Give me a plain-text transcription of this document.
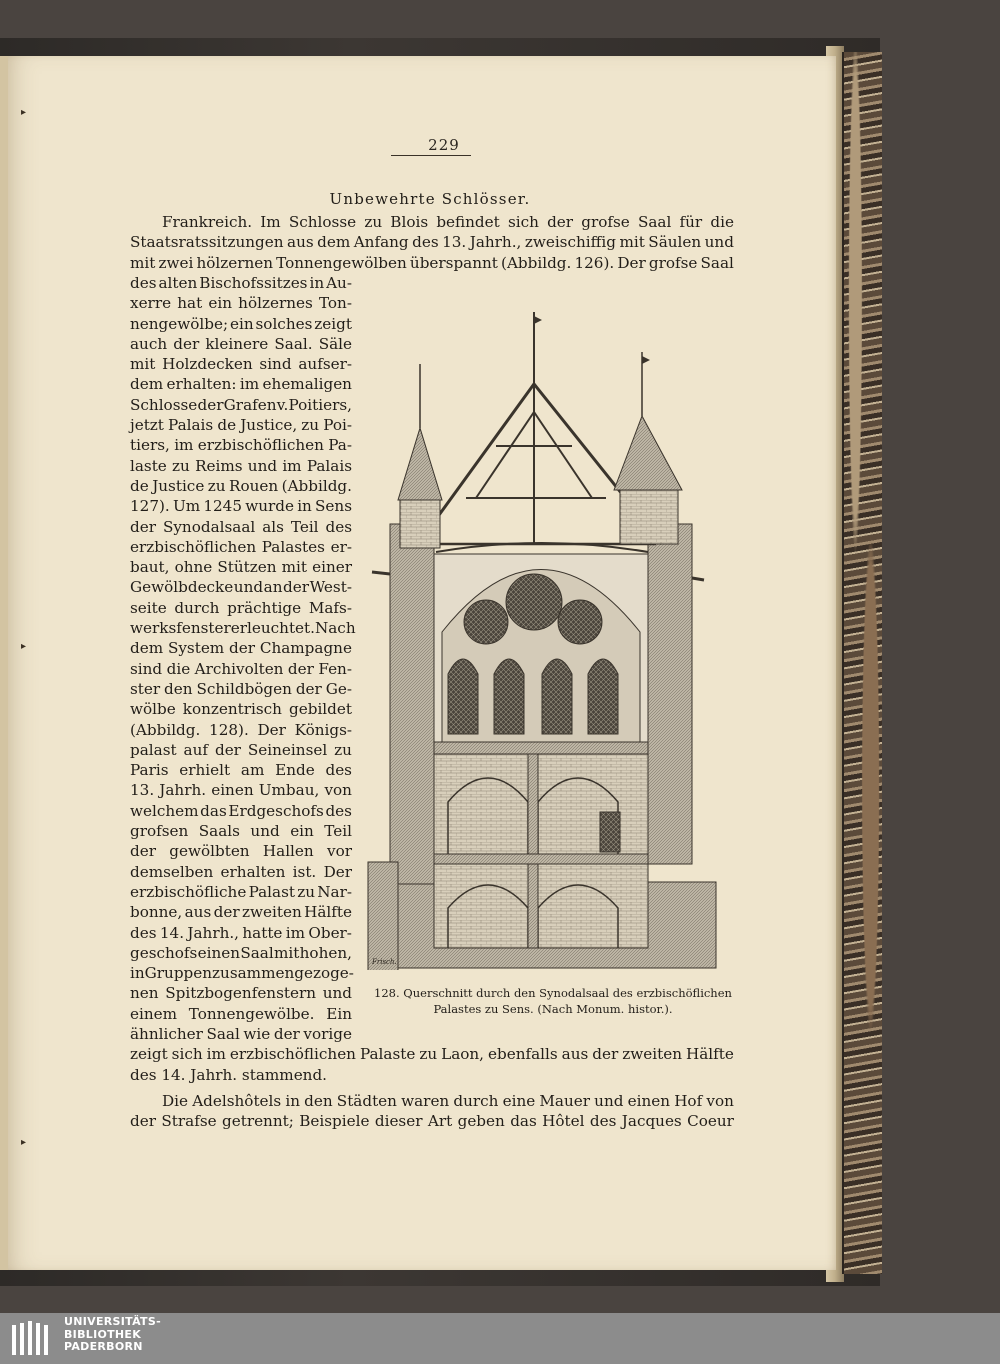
▸
▸
▸
229
Unbewehrte Schlösser.
Frankreich. Im Schlosse zu Blois befindet sich der grofse Saal für die
Staatsratssitzungen aus dem Anfang des 13. Jahrh., zweischiffig mit Säulen und
mit zwei hölzernen Tonnengewölben überspannt (Abbildg. 126). Der grofse Saal
des alten Bischofssitzes in Au-
xerre hat ein hölzernes Ton-
nengewölbe; ein solches zeigt
auch der kleinere Saal. Säle
mit Holzdecken sind aufser-
dem erhalten: im ehemaligen
Schlosse der Grafen v. Poitiers,
jetzt Palais de Justice, zu Poi-
tiers, im erzbischöflichen Pa-
laste zu Reims und im Palais
de Justice zu Rouen (Abbildg.
127). Um 1245 wurde in Sens
der Synodalsaal als Teil des
erzbischöflichen Palastes er-
baut, ohne Stützen mit einer
Gewölbdecke und an der West-
seite durch prächtige Mafs-
werksfenster erleuchtet. Nach
dem System der Champagne
sind die Archivolten der Fen-
ster den Schildbögen der Ge-
wölbe konzentrisch gebildet
(Abbildg. 128). Der Königs-
palast auf der Seineinsel zu
Paris erhielt am Ende des
13. Jahrh. einen Umbau, von
welchem das Erdgeschofs des
grofsen Saals und ein Teil
der gewölbten Hallen vor
demselben erhalten ist. Der
erzbischöfliche Palast zu Nar-
bonne, aus der zweiten Hälfte
des 14. Jahrh., hatte im Ober-
geschofs einen Saal mit hohen,
in Gruppen zusammengezoge-
nen Spitzbogenfenstern und
einem Tonnengewölbe. Ein
ähnlicher Saal wie der vorige
zeigt sich im erzbischöflichen Palaste zu Laon, ebenfalls aus der zweiten Hälfte
des 14. Jahrh. stammend.
Die Adelshôtels in den Städten waren durch eine Mauer und einen Hof von
der Strafse getrennt; Beispiele dieser Art geben das Hôtel des Jacques Coeur
Frisch.
128. Querschnitt durch den Synodalsaal des erzbischöflichen
Palastes zu Sens. (Nach Monum. histor.).
UNIVERSITÄTS-
BIBLIOTHEK
PADERBORN
